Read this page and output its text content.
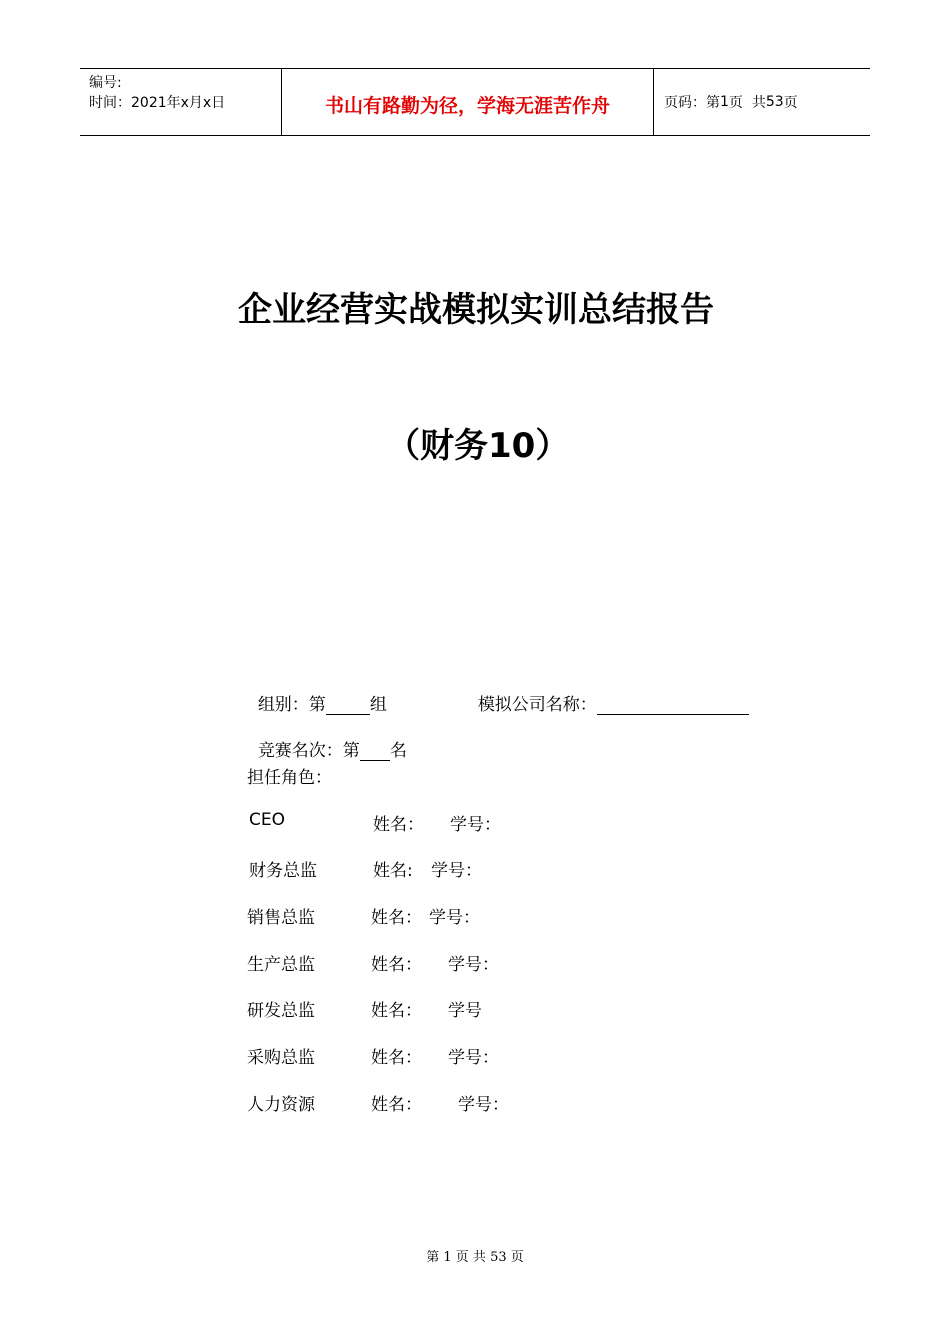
编号:
时间：2021年x月x日	书山有路勤为径，学海无涯苦作舟	页码：第 1 页  共 53 页
企业经营实战模拟实训总结报告
（财务10）

组别：第	组	模拟公司名称：

竞赛名次：第 名

担任角色：
CEO	姓名： 学号：
财务总监	姓名: 学号：
销售总监	姓名： 学号：
生产总监	姓名： 学号：
研发总监	姓名： 学号
采购总监	姓名： 学号：
人力资源	姓名： 学号：
第 1 页 共 53 页
